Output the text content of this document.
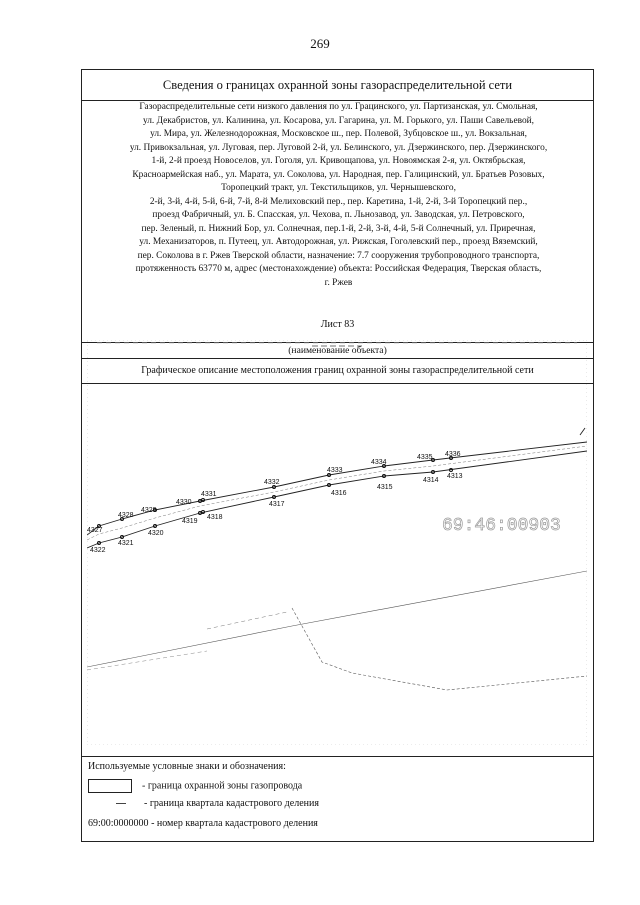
269
Сведения о границах охранной зоны газораспределительной сети
Газораспределительные сети низкого давления по ул. Грацинского, ул. Партизанская, ул. Смольная,
ул. Декабристов, ул. Калинина, ул. Косарова, ул. Гагарина, ул. М. Горького, ул. Паши Савельевой,
ул. Мира, ул. Железнодорожная, Московское ш., пер. Полевой, Зубцовское ш., ул. Вокзальная,
ул. Привокзальная, ул. Луговая, пер. Луговой 2-й, ул. Белинского, ул. Дзержинского, пер. Дзержинского,
1-й, 2-й проезд Новоселов, ул. Гоголя, ул. Кривощапова, ул. Новоямская 2-я, ул. Октябрьская,
Красноармейская наб., ул. Марата, ул. Соколова, ул. Народная, пер. Галицинский, ул. Братьев Розовых,
Торопецкий тракт, ул. Текстильщиков, ул. Чернышевского,
2-й, 3-й, 4-й, 5-й, 6-й, 7-й, 8-й Мелиховский пер., пер. Каретина, 1-й, 2-й, 3-й Торопецкий пер.,
проезд Фабричный, ул. Б. Спасская, ул. Чехова, п. Льнозавод, ул. Заводская, ул. Петровского,
пер. Зеленый, п. Нижний Бор, ул. Солнечная, пер.1-й, 2-й, 3-й, 4-й, 5-й Солнечный, ул. Приречная,
ул. Механизаторов, п. Путеец, ул. Автодорожная, ул. Рижская, Гоголевский пер., проезд Вяземский,
пер. Соколова в г. Ржев Тверской области, назначение: 7.7 сооружения трубопроводного транспорта,
протяженность 63770 м, адрес (местонахождение) объекта: Российская Федерация, Тверская область,
г. Ржев
(наименование объекта)
Графическое описание местоположения границ охранной зоны газораспределительной сети
Лист 83
Используемые условные знаки и обозначения:
- граница охранной зоны газопровода
- граница квартала кадастрового деления
69:00:0000000 - номер квартала кадастрового деления
4327
4328
4329
4330
4331
4332
4333
4334
4335 4336
4322
4321
4320
4319
4318
4317
4316
4315
4314
4313
69:46:00903
